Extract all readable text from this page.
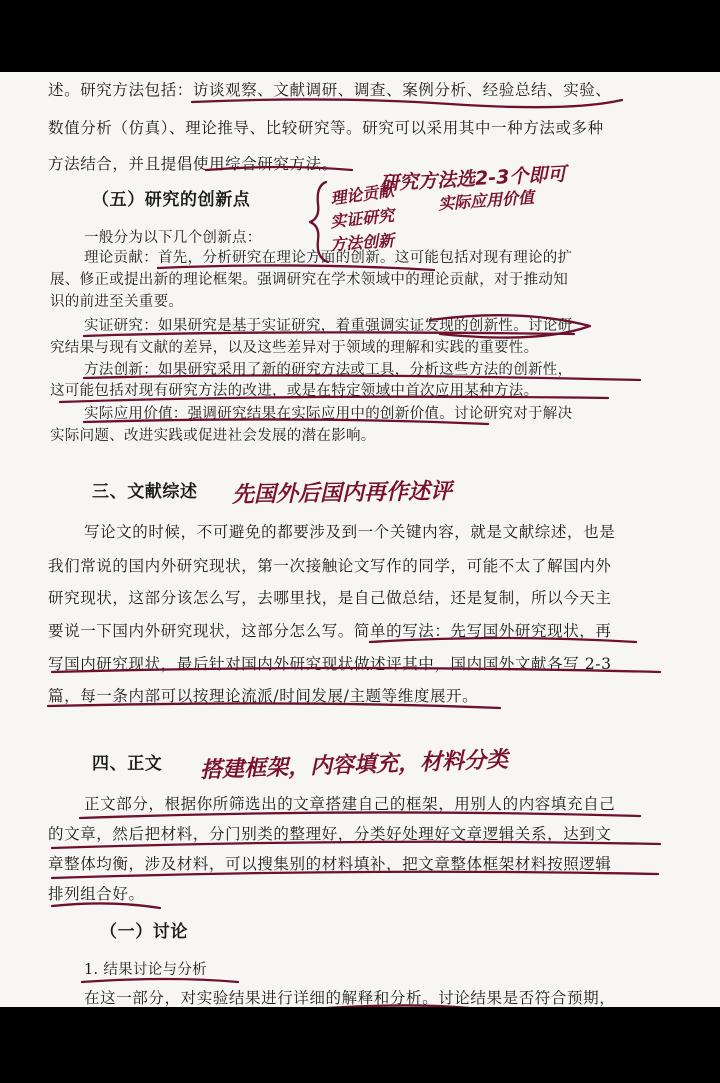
述。研究方法包括：访谈观察、文献调研、调查、案例分析、经验总结、实验、
数值分析（仿真）、理论推导、比较研究等。研究可以采用其中一种方法或多种
方法结合，并且提倡使用综合研究方法。
（五）研究的创新点
一般分为以下几个创新点：
理论贡献：首先，分析研究在理论方面的创新。这可能包括对现有理论的扩
展、修正或提出新的理论框架。强调研究在学术领域中的理论贡献，对于推动知
识的前进至关重要。
实证研究：如果研究是基于实证研究，着重强调实证发现的创新性。讨论研
究结果与现有文献的差异，以及这些差异对于领域的理解和实践的重要性。
方法创新：如果研究采用了新的研究方法或工具，分析这些方法的创新性，
这可能包括对现有研究方法的改进，或是在特定领域中首次应用某种方法。
实际应用价值：强调研究结果在实际应用中的创新价值。讨论研究对于解决
实际问题、改进实践或促进社会发展的潜在影响。
三、文献综述
写论文的时候，不可避免的都要涉及到一个关键内容，就是文献综述，也是
我们常说的国内外研究现状，第一次接触论文写作的同学，可能不太了解国内外
研究现状，这部分该怎么写，去哪里找，是自己做总结，还是复制，所以今天主
要说一下国内外研究现状，这部分怎么写。简单的写法：先写国外研究现状，再
写国内研究现状，最后针对国内外研究现状做述评其中，国内国外文献各写 2-3
篇，每一条内部可以按理论流派/时间发展/主题等维度展开。
四、正文
正文部分，根据你所筛选出的文章搭建自己的框架，用别人的内容填充自己
的文章，然后把材料，分门别类的整理好，分类好处理好文章逻辑关系，达到文
章整体均衡，涉及材料，可以搜集别的材料填补，把文章整体框架材料按照逻辑
排列组合好。
（一）讨论
1. 结果讨论与分析
在这一部分，对实验结果进行详细的解释和分析。讨论结果是否符合预期，
研究方法选2-3个即可
理论贡献
实证研究
方法创新
实际应用价值
先国外后国内再作述评
搭建框架，内容填充，材料分类
